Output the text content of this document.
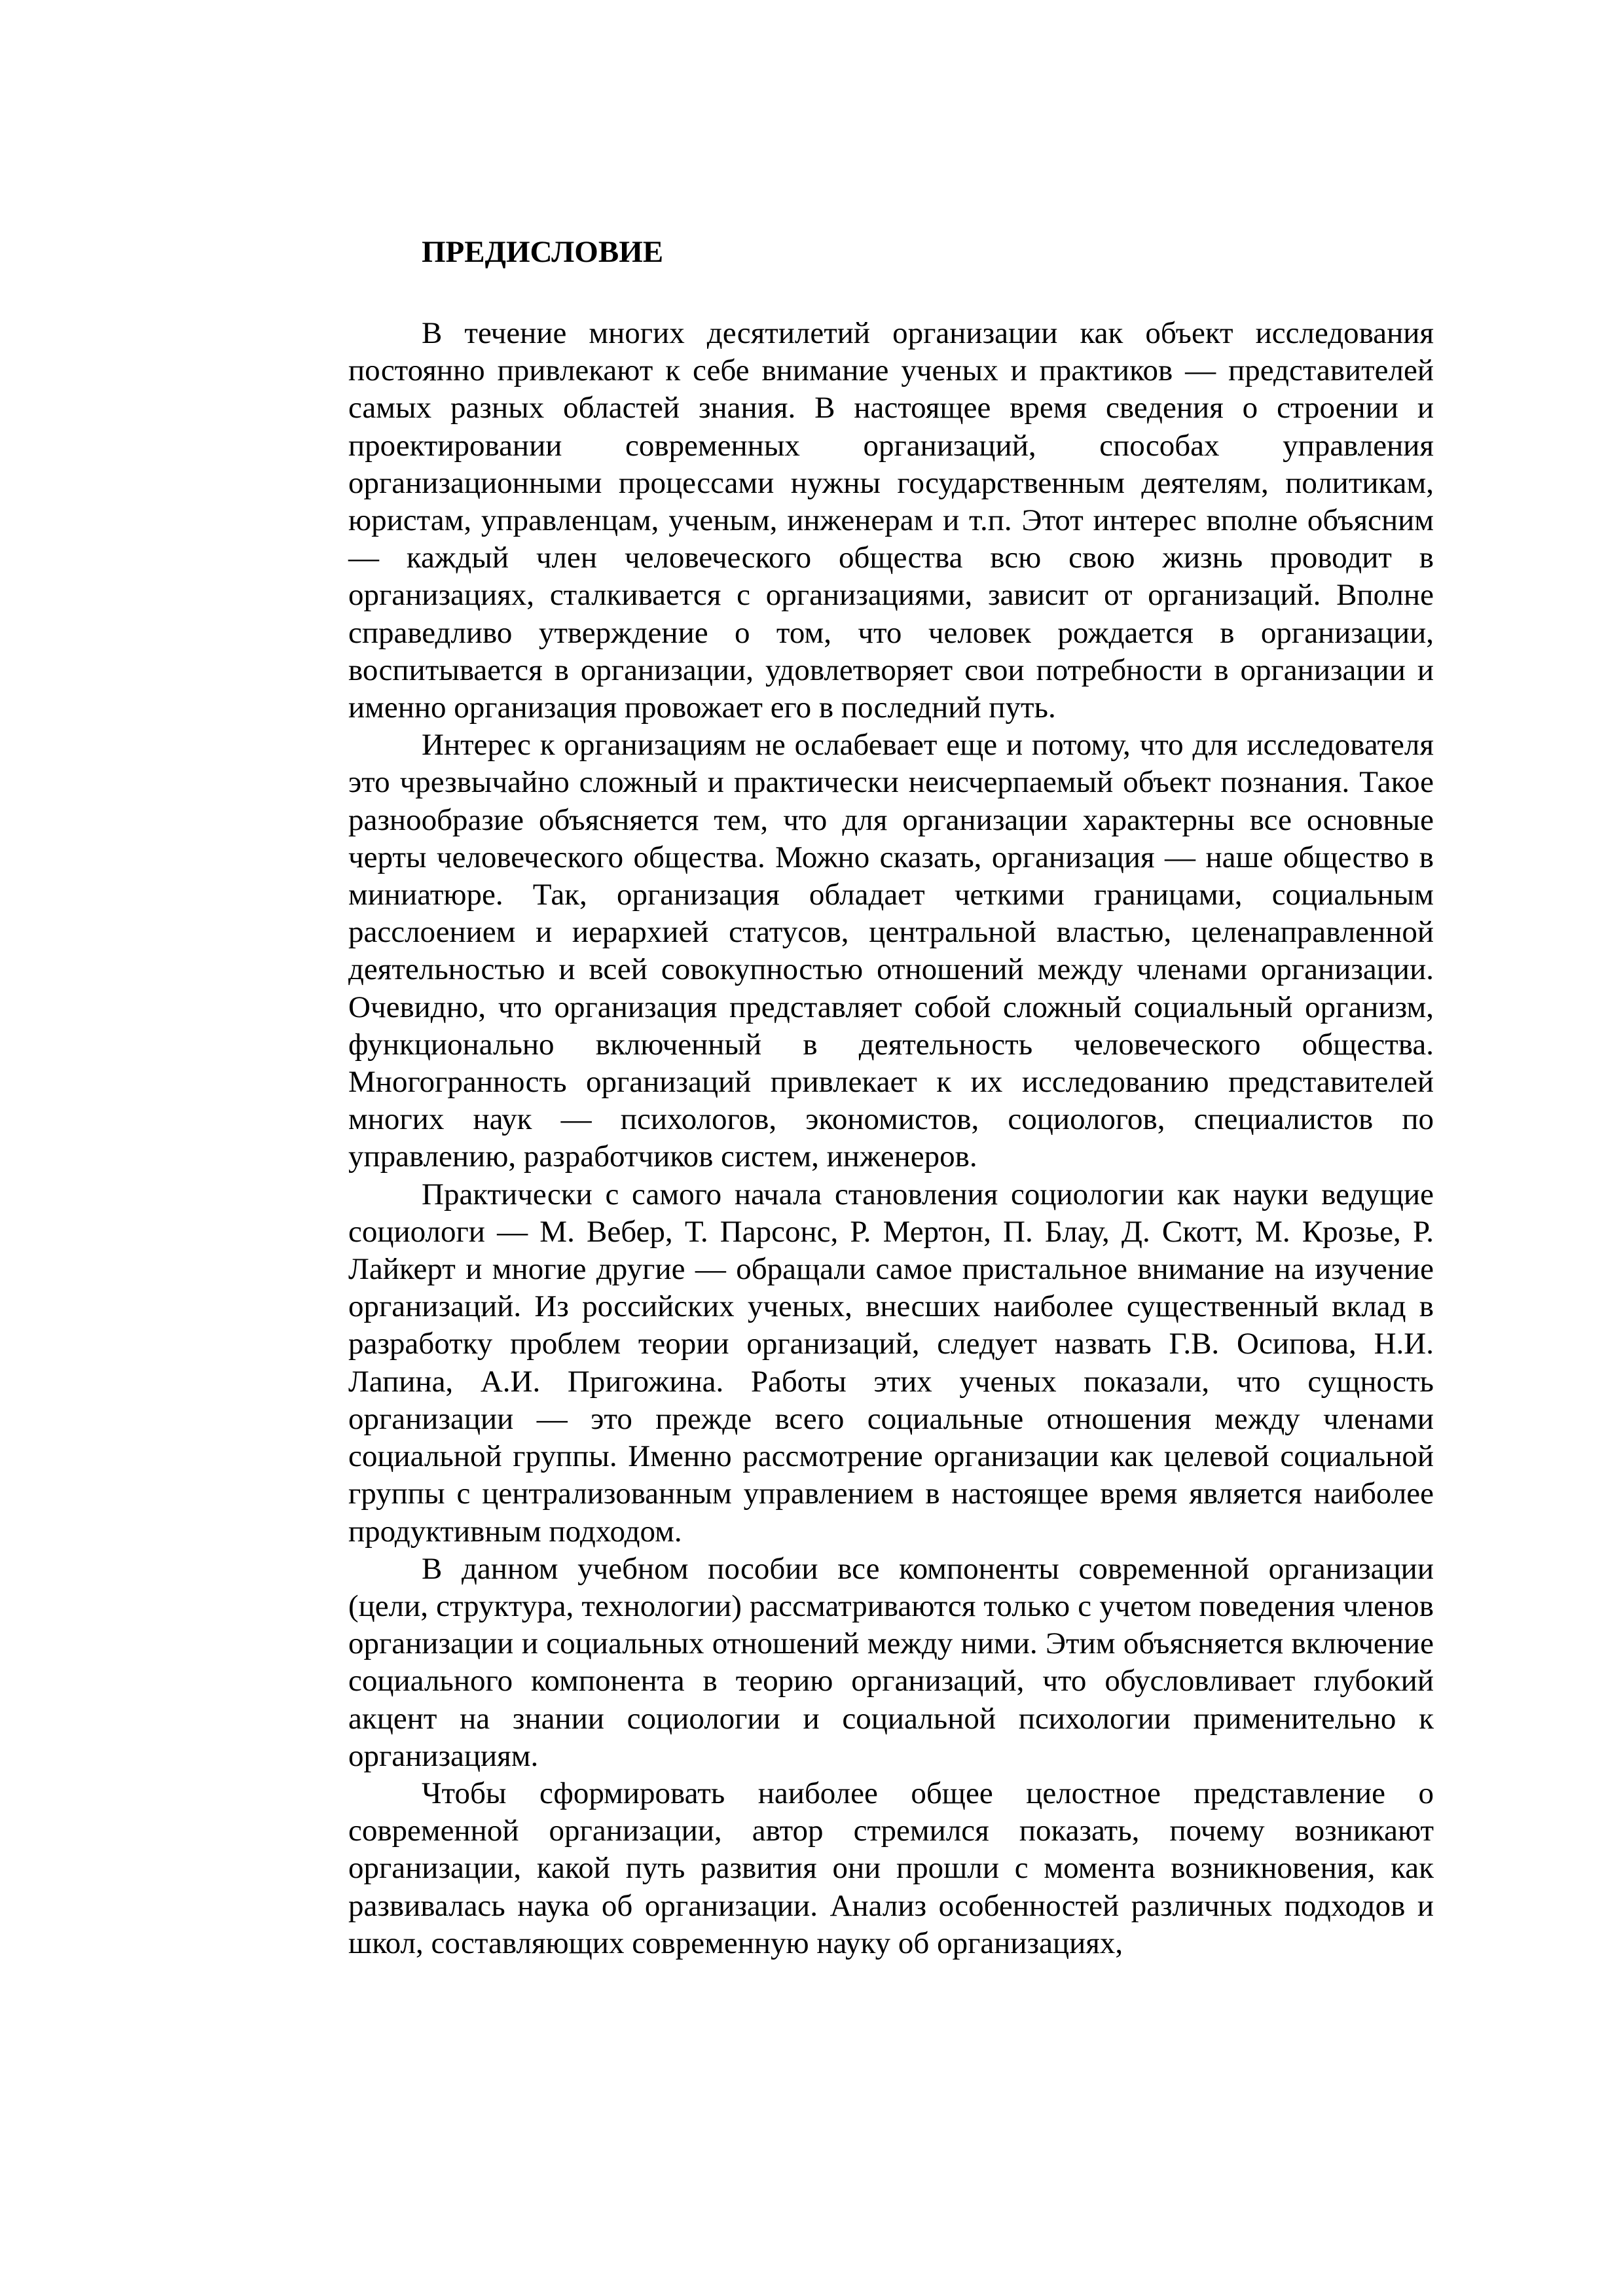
ПРЕДИСЛОВИЕ

В течение многих десятилетий организации как объект исследования постоянно привлекают к себе внимание ученых и практиков — представителей самых разных областей знания. В настоящее время сведения о строении и проектировании современных организаций, способах управления организационными процессами нужны государственным деятелям, политикам, юристам, управленцам, ученым, инженерам и т.п. Этот интерес вполне объясним — каждый член человеческого общества всю свою жизнь проводит в организациях, сталкивается с организациями, зависит от организаций. Вполне справедливо утверждение о том, что человек рождается в организации, воспитывается в организации, удовлетворяет свои потребности в организации и именно организация провожает его в последний путь.

Интерес к организациям не ослабевает еще и потому, что для исследователя это чрезвычайно сложный и практически неисчерпаемый объект познания. Такое разнообразие объясняется тем, что для организации характерны все основные черты человеческого общества. Можно сказать, организация — наше общество в миниатюре. Так, организация обладает четкими границами, социальным расслоением и иерархией статусов, центральной властью, целенаправленной деятельностью и всей совокупностью отношений между членами организации. Очевидно, что организация представляет собой сложный социальный организм, функционально включенный в деятельность человеческого общества. Многогранность организаций привлекает к их исследованию представителей многих наук — психологов, экономистов, социологов, специалистов по управлению, разработчиков систем, инженеров.

Практически с самого начала становления социологии как науки ведущие социологи — М. Вебер, Т. Парсонс, Р. Мертон, П. Блау, Д. Скотт, М. Крозье, Р. Лайкерт и многие другие — обращали самое пристальное внимание на изучение организаций. Из российских ученых, внесших наиболее существенный вклад в разработку проблем теории организаций, следует назвать Г.В. Осипова, Н.И. Лапина, А.И. Пригожина. Работы этих ученых показали, что сущность организации — это прежде всего социальные отношения между членами социальной группы. Именно рассмотрение организации как целевой социальной группы с централизованным управлением в настоящее время является наиболее продуктивным подходом.

В данном учебном пособии все компоненты современной организации (цели, структура, технологии) рассматриваются только с учетом поведения членов организации и социальных отношений между ними. Этим объясняется включение социального компонента в теорию организаций, что обусловливает глубокий акцент на знании социологии и социальной психологии применительно к организациям.

Чтобы сформировать наиболее общее целостное представление о современной организации, автор стремился показать, почему возникают организации, какой путь развития они прошли с момента возникновения, как развивалась наука об организации. Анализ особенностей различных подходов и школ, составляющих современную науку об организациях,
